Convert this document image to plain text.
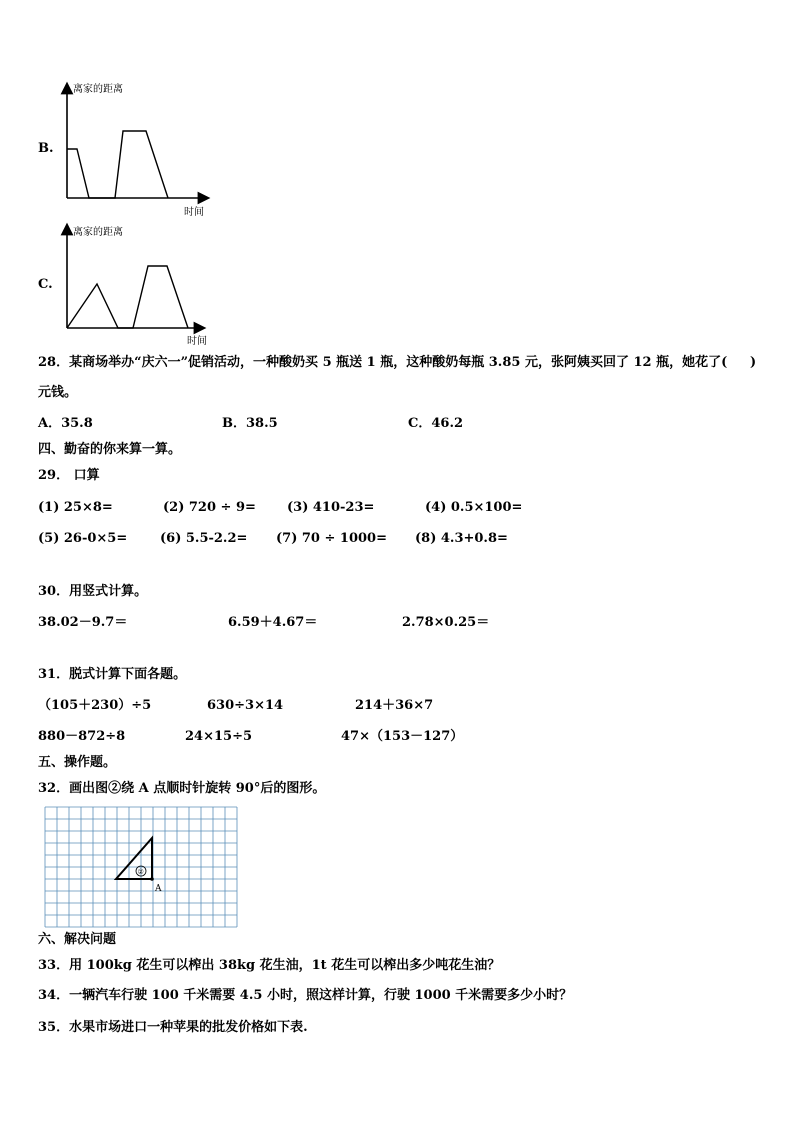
B.
离家的距离
时间
C.
离家的距离
时间
28．某商场举办“庆六一”促销活动，一种酸奶买 5 瓶送 1 瓶，这种酸奶每瓶 3.85 元，张阿姨买回了 12 瓶，她花了( )
元钱。
A．35.8	B．38.5	C．46.2
四、勤奋的你来算一算。
29． 口算
(1) 25×8=	(2) 720 ÷ 9= (3) 410-23=	(4) 0.5×100=
(5) 26-0×5=	(6) 5.5-2.2= (7) 70 ÷ 1000= (8) 4.3+0.8=
30．用竖式计算。
38.02－9.7＝	6.59＋4.67＝	2.78×0.25＝
31．脱式计算下面各题。
（105＋230）÷5	630÷3×14	214＋36×7
880－872÷8	24×15÷5	47×（153－127）
五、操作题。
32．画出图②绕 A 点顺时针旋转 90°后的图形。
②
A
六、解决问题
33．用 100kg 花生可以榨出 38kg 花生油，1t 花生可以榨出多少吨花生油？
34．一辆汽车行驶 100 千米需要 4.5 小时，照这样计算，行驶 1000 千米需要多少小时？
35．水果市场进口一种苹果的批发价格如下表.
